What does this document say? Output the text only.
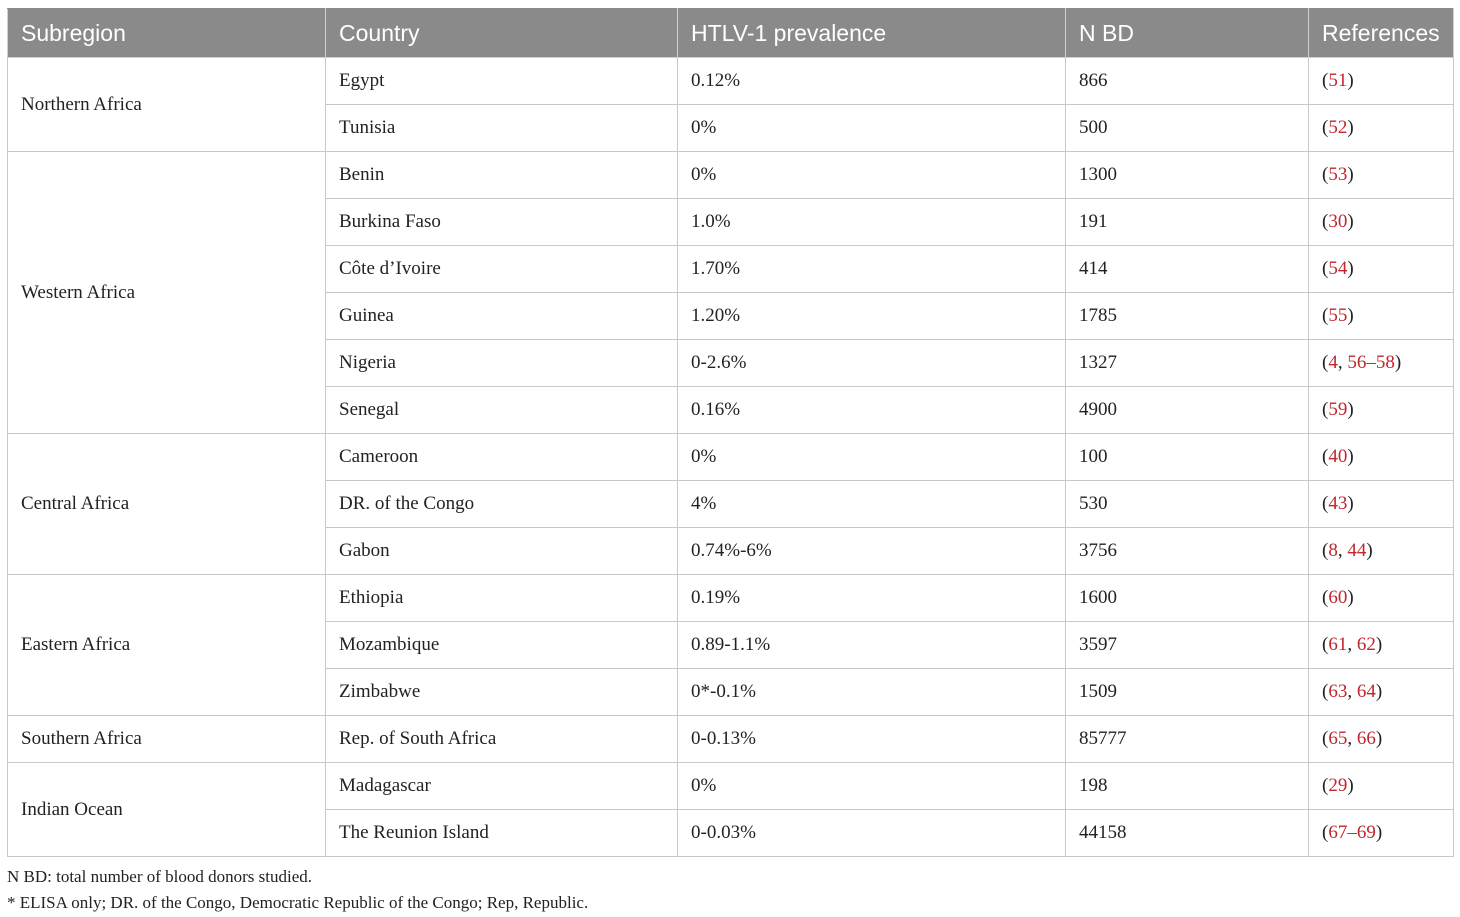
Subregion	Country	HTLV-1 prevalence	N BD	References
Northern Africa	Egypt	0.12%	866	(51)
	Tunisia	0%	500	(52)
Western Africa	Benin	0%	1300	(53)
	Burkina Faso	1.0%	191	(30)
	Côte d’Ivoire	1.70%	414	(54)
	Guinea	1.20%	1785	(55)
	Nigeria	0-2.6%	1327	(4, 56–58)
	Senegal	0.16%	4900	(59)
Central Africa	Cameroon	0%	100	(40)
	DR. of the Congo	4%	530	(43)
	Gabon	0.74%-6%	3756	(8, 44)
Eastern Africa	Ethiopia	0.19%	1600	(60)
	Mozambique	0.89-1.1%	3597	(61, 62)
	Zimbabwe	0*-0.1%	1509	(63, 64)
Southern Africa	Rep. of South Africa	0-0.13%	85777	(65, 66)
Indian Ocean	Madagascar	0%	198	(29)
	The Reunion Island	0-0.03%	44158	(67–69)
N BD: total number of blood donors studied.
* ELISA only; DR. of the Congo, Democratic Republic of the Congo; Rep, Republic.
